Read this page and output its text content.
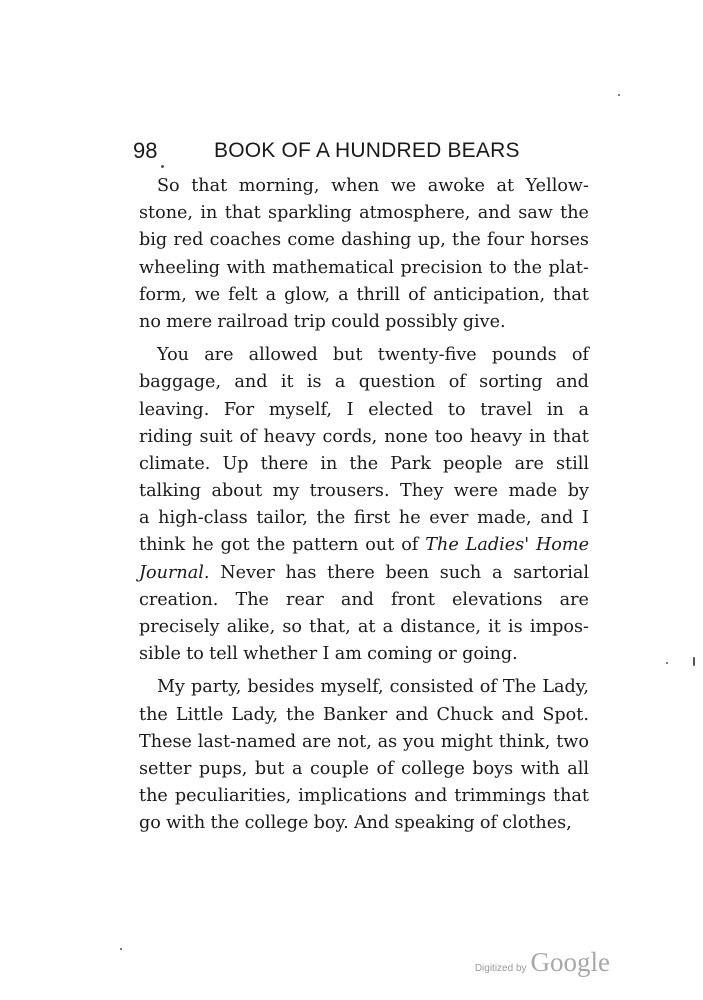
98	BOOK OF A HUNDRED BEARS
So that morning, when we awoke at Yellow-
stone, in that sparkling atmosphere, and saw the
big red coaches come dashing up, the four horses
wheeling with mathematical precision to the plat-
form, we felt a glow, a thrill of anticipation, that
no mere railroad trip could possibly give.
You are allowed but twenty-five pounds of
baggage, and it is a question of sorting and
leaving. For myself, I elected to travel in a
riding suit of heavy cords, none too heavy in that
climate. Up there in the Park people are still
talking about my trousers. They were made by
a high-class tailor, the first he ever made, and I
think he got the pattern out of The Ladies' Home
Journal. Never has there been such a sartorial
creation. The rear and front elevations are
precisely alike, so that, at a distance, it is impos-
sible to tell whether I am coming or going.
My party, besides myself, consisted of The Lady,
the Little Lady, the Banker and Chuck and Spot.
These last-named are not, as you might think, two
setter pups, but a couple of college boys with all
the peculiarities, implications and trimmings that
go with the college boy. And speaking of clothes,
Digitized by Google
